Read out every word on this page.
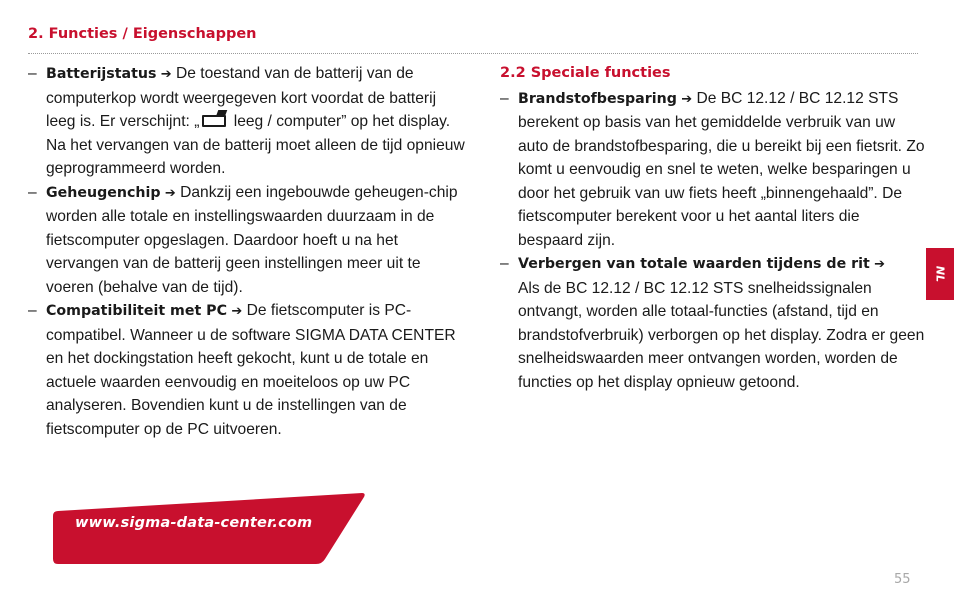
2. Functies / Eigenschappen

– Batterijstatus ➔ De toestand van de batterij van de computerkop wordt weergegeven kort voordat de batterij leeg is. Er verschijnt: „ leeg / computer” op het display. Na het vervangen van de batterij moet alleen de tijd opnieuw geprogrammeerd worden.

– Geheugenchip ➔ Dankzij een ingebouwde geheugen-chip worden alle totale en instellingswaarden duurzaam in de fietscomputer opgeslagen. Daardoor hoeft u na het vervangen van de batterij geen instellingen meer uit te voeren (behalve van de tijd).

– Compatibiliteit met PC ➔ De fietscomputer is PC-compatibel. Wanneer u de software SIGMA DATA CENTER en het dockingstation heeft gekocht, kunt u de totale en actuele waarden eenvoudig en moeiteloos op uw PC analyseren. Bovendien kunt u de instellingen van de fietscomputer op de PC uitvoeren.

2.2 Speciale functies

– Brandstofbesparing ➔ De BC 12.12 / BC 12.12 STS berekent op basis van het gemiddelde verbruik van uw auto de brandstofbesparing, die u bereikt bij een fietsrit. Zo komt u eenvoudig en snel te weten, welke besparingen u door het gebruik van uw fiets heeft „binnengehaald”. De fietscomputer berekent voor u het aantal liters die bespaard zijn.

– Verbergen van totale waarden tijdens de rit ➔
Als de BC 12.12 / BC 12.12 STS snelheidssignalen ontvangt, worden alle totaal-functies (afstand, tijd en brandstofverbruik) verborgen op het display. Zodra er geen snelheidswaarden meer ontvangen worden, worden de functies op het display opnieuw getoond.

www.sigma-data-center.com
NL
55
